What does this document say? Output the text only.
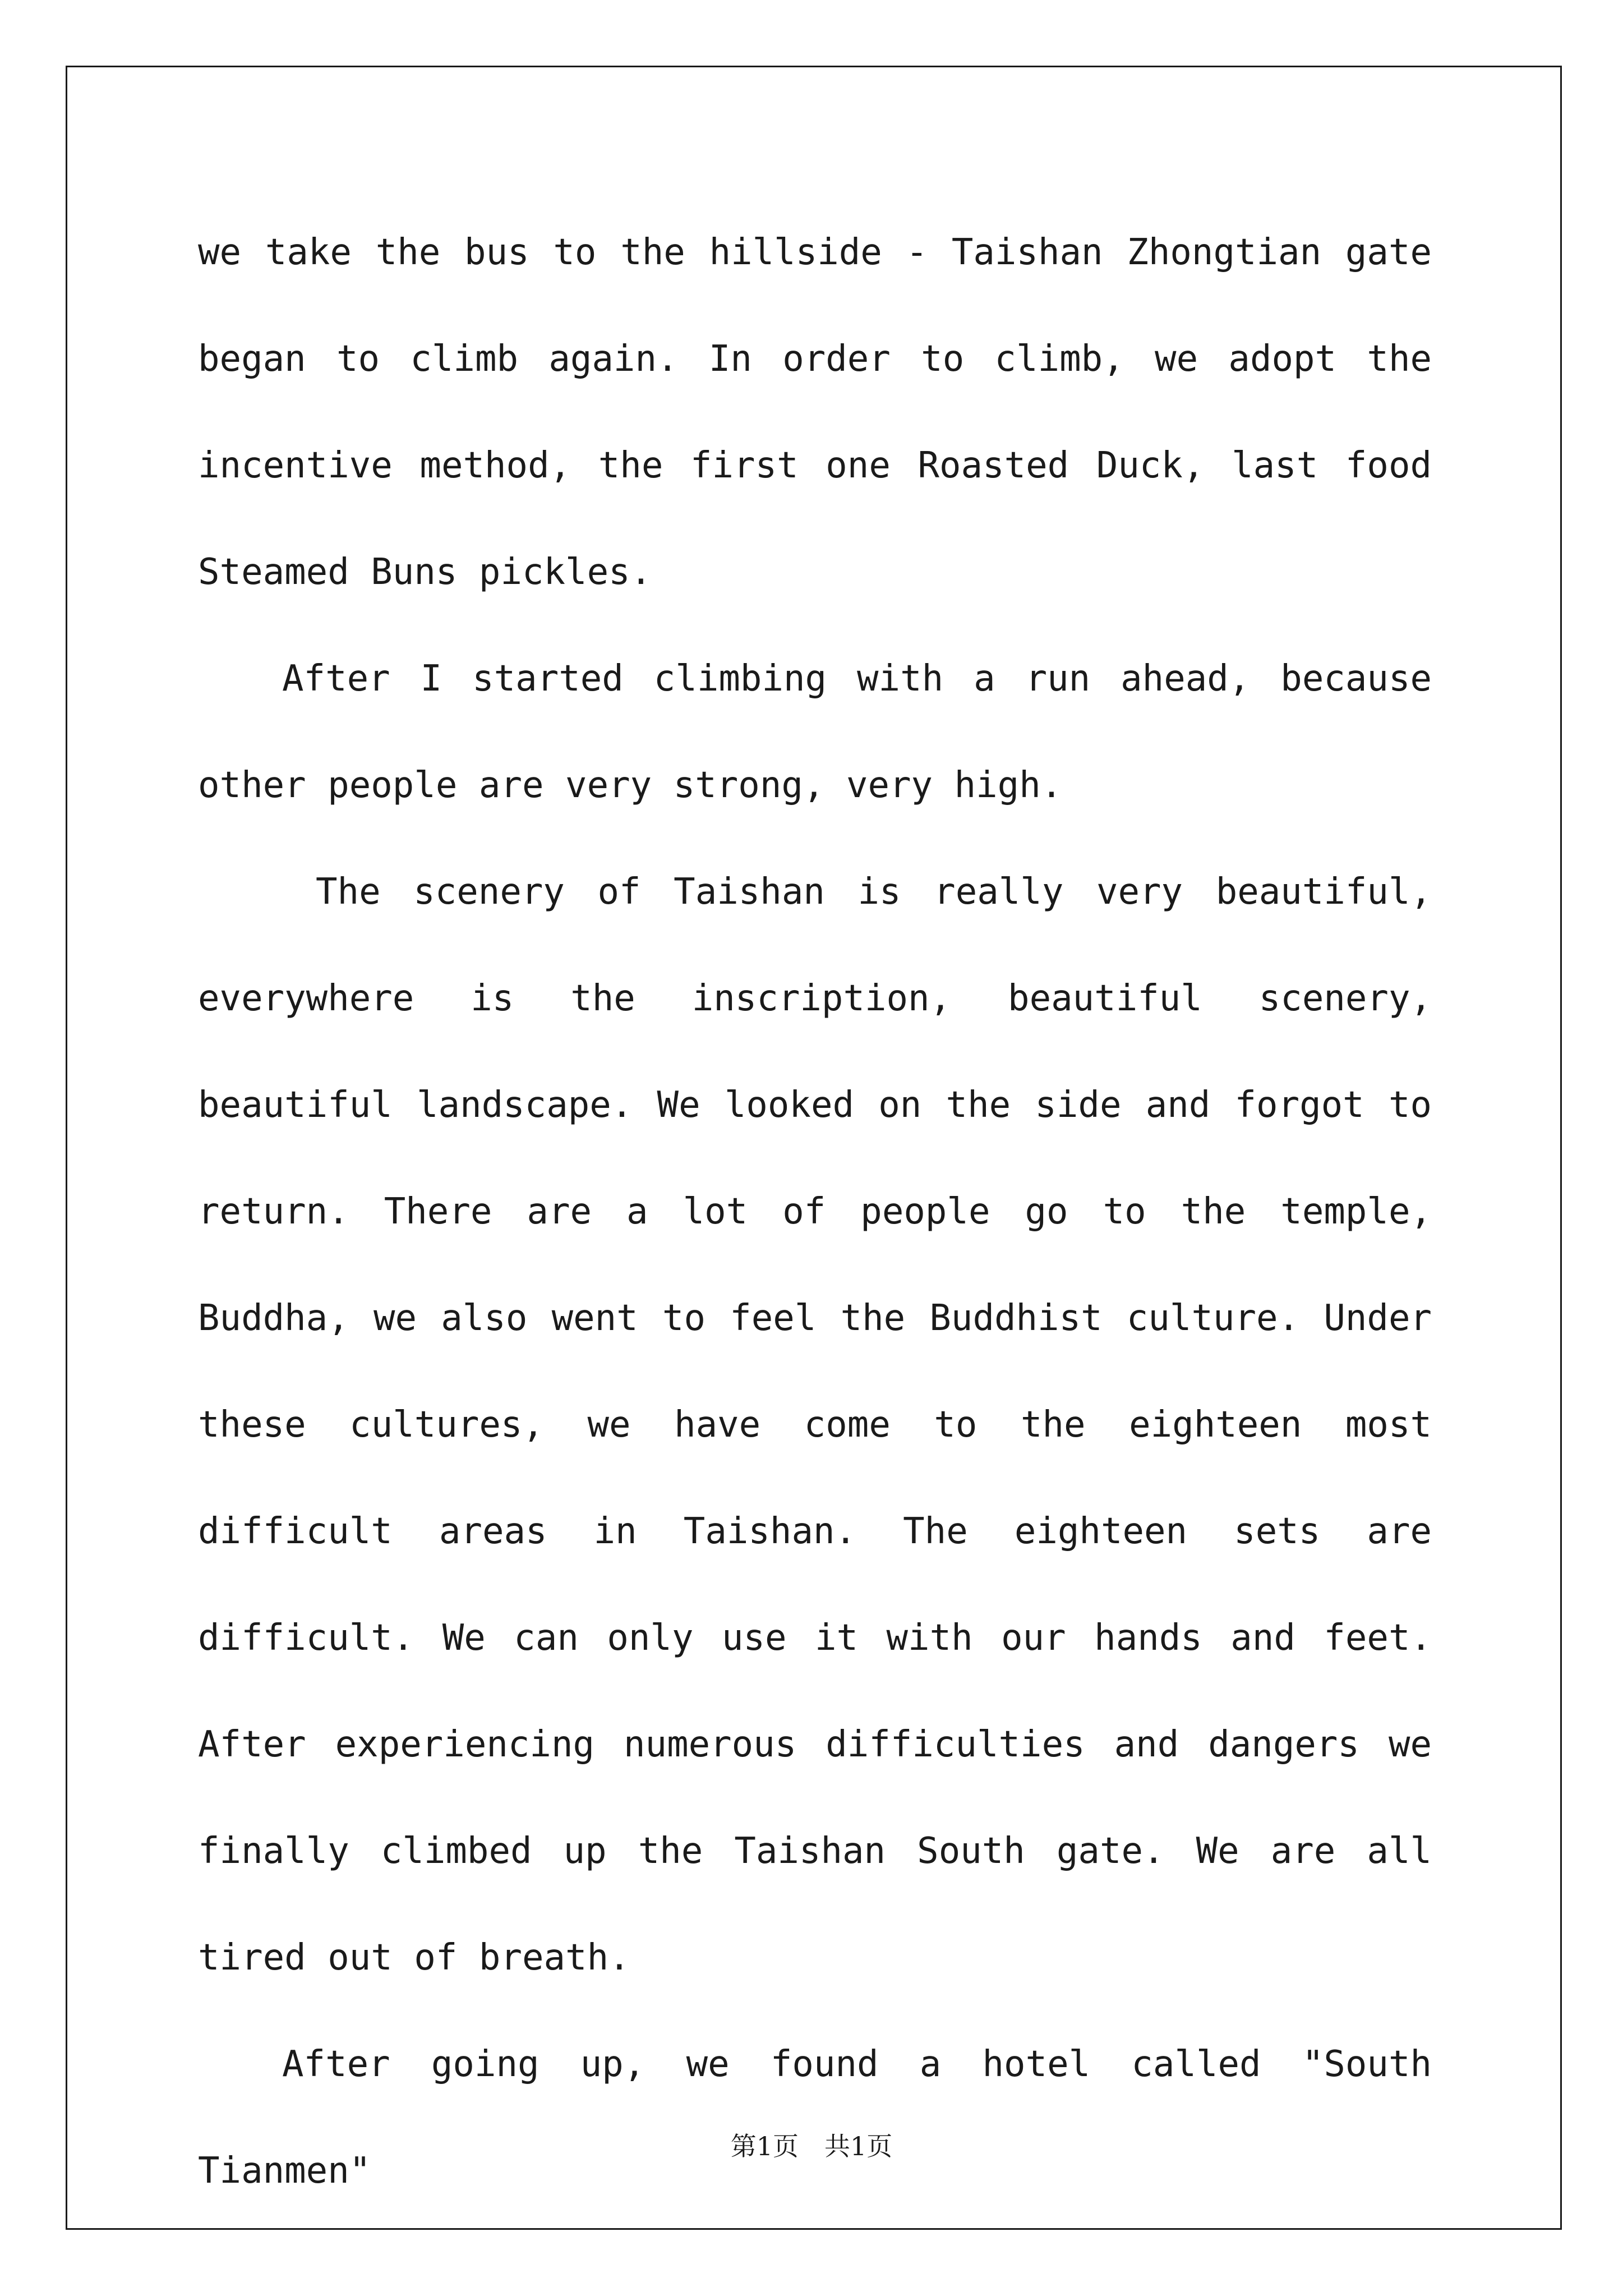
we take the bus to the hillside - Taishan Zhongtian gate began to climb again. In order to climb, we adopt the incentive method, the first one Roasted Duck, last food Steamed Buns pickles.

After I started climbing with a run ahead, because other people are very strong, very high.

The scenery of Taishan is really very beautiful, everywhere is the inscription, beautiful scenery, beautiful landscape. We looked on the side and forgot to return. There are a lot of people go to the temple, Buddha, we also went to feel the Buddhist culture. Under these cultures, we have come to the eighteen most difficult areas in Taishan. The eighteen sets are difficult. We can only use it with our hands and feet. After experiencing numerous difficulties and dangers we finally climbed up the Taishan South gate. We are all tired out of breath.

After going up, we found a hotel called "South Tianmen"

第1页　共1页
